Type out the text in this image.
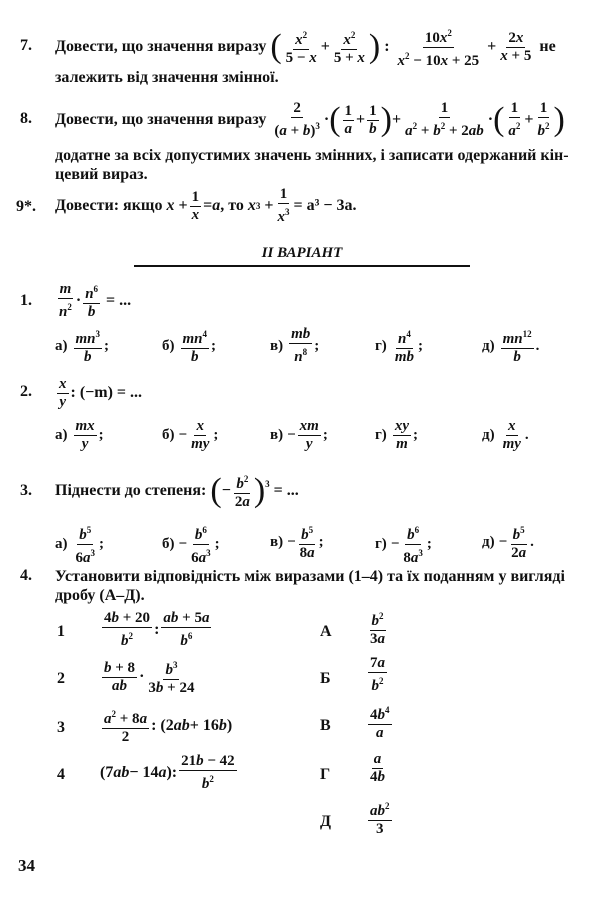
7. Довести, що значення виразу
( $\frac{x^2}{5 - x} + \frac{x^2}{5 + x}$ ) : $\frac{10x^2}{x^2 - 10x + 25} + \frac{2x}{x + 5}$
не
залежить від значення змінної.
8. Довести, що значення виразу
$\frac{2}{(a + b)^3}$ · ( $\frac{1}{a} + \frac{1}{b}$ ) + $\frac{1}{a^2 + b^2 + 2ab}$ · ( $\frac{1}{a^2} + \frac{1}{b^2}$ )
додатне за всіх допустимих значень змінних, і записати одержаний кін-
цевий вираз.
9*. Довести: якщо
$x + \frac{1}{x} = a$ , то
x $3 + \frac{1}{x^3} = a^3 - 3a$.
II ВАРІАНТ
1. $\frac{m}{n^2} \cdot \frac{n^6}{b}$
= ...
$а) \frac{mn^3}{b}$ ;	$б) \frac{mn^4}{b}$ ;	$в) \frac{mb}{n^8}$ ;	$г) \frac{n^4}{mb}$ ;	$д) \frac{mn^{12}}{b}$ .
2. $\frac{x}{y}$ : (−m) = ...
$а) \frac{mx}{y}$ ;	$б) - \frac{x}{my}$ ;	$в) - \frac{xm}{y}$ ;	$г) \frac{xy}{m}$ ;	$д) \frac{x}{my}$ .
3. Піднести до степеня:
( − $\frac{b^2}{2a} )^3$
= ...
$а) \frac{b^5}{6a^3}$ ;	$б) - \frac{b^6}{6a^3}$ ;	$в) - \frac{b^5}{8a}$ ;	$г) - \frac{b^6}{8a^3}$ ;	$д) - \frac{b^5}{2a}$ .
4. Установити відповідність між виразами (1–4) та їх поданням у вигляді
дробу (А–Д).
$1 \frac{4b + 20}{b^2}$ : $\frac{ab + 5a}{b^6}$
$2 \frac{b + 8}{ab} \cdot \frac{b^3}{3b + 24}$
$3 \frac{a^2 + 8a}{2}$ : (2 ab + 16 b )
4 (7 ab − 14 a ): $\frac{21b - 42}{b^2}$
А $\frac{b^2}{3a}$
Б $\frac{7a}{b^2}$
В $\frac{4b^4}{a}$
Г	$\frac{a}{4b}$
Д $\frac{ab^2}{3}$
34
